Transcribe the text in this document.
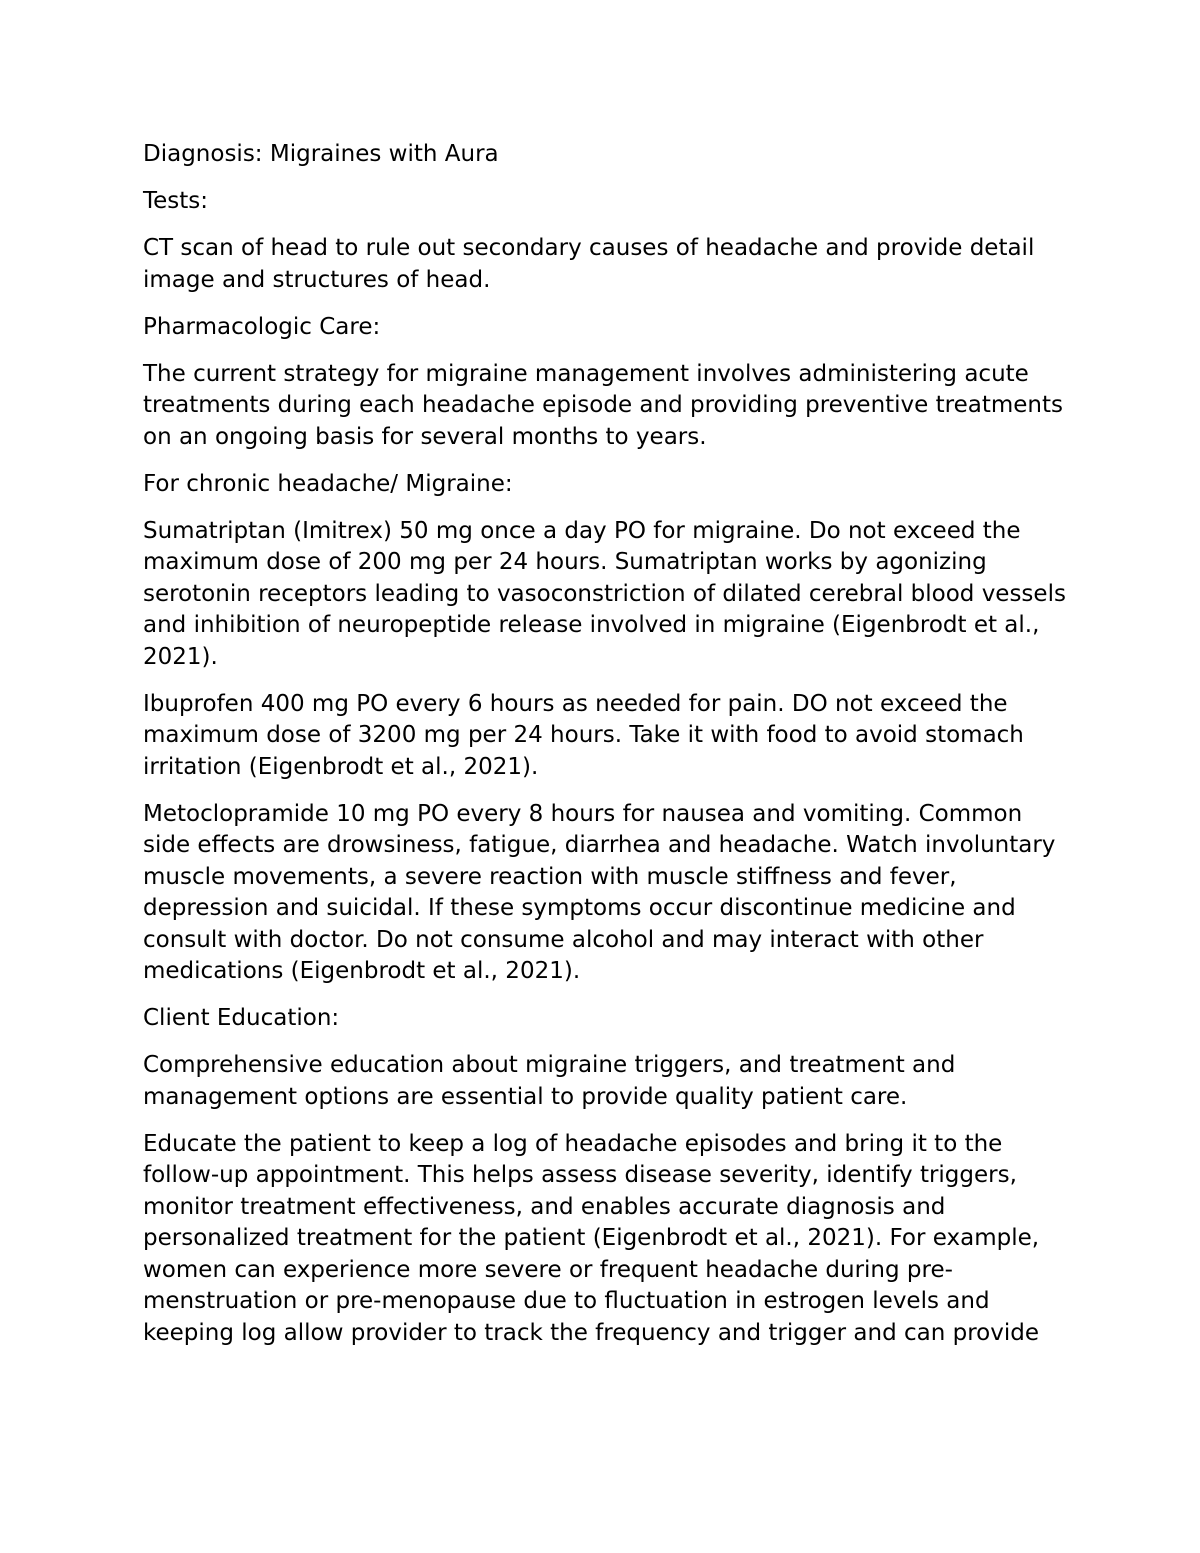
Diagnosis: Migraines with Aura

Tests:

CT scan of head to rule out secondary causes of headache and provide detail image and structures of head.

Pharmacologic Care:

The current strategy for migraine management involves administering acute treatments during each headache episode and providing preventive treatments on an ongoing basis for several months to years.

For chronic headache/ Migraine:

Sumatriptan (Imitrex) 50 mg once a day PO for migraine. Do not exceed the maximum dose of 200 mg per 24 hours. Sumatriptan works by agonizing serotonin receptors leading to vasoconstriction of dilated cerebral blood vessels and inhibition of neuropeptide release involved in migraine (Eigenbrodt et al., 2021).

Ibuprofen 400 mg PO every 6 hours as needed for pain. DO not exceed the maximum dose of 3200 mg per 24 hours. Take it with food to avoid stomach irritation (Eigenbrodt et al., 2021).

Metoclopramide 10 mg PO every 8 hours for nausea and vomiting. Common side effects are drowsiness, fatigue, diarrhea and headache. Watch involuntary muscle movements, a severe reaction with muscle stiffness and fever, depression and suicidal. If these symptoms occur discontinue medicine and consult with doctor. Do not consume alcohol and may interact with other medications (Eigenbrodt et al., 2021).

Client Education:

Comprehensive education about migraine triggers, and treatment and management options are essential to provide quality patient care.

Educate the patient to keep a log of headache episodes and bring it to the follow-up appointment. This helps assess disease severity, identify triggers, monitor treatment effectiveness, and enables accurate diagnosis and personalized treatment for the patient (Eigenbrodt et al., 2021). For example, women can experience more severe or frequent headache during pre-menstruation or pre-menopause due to fluctuation in estrogen levels and keeping log allow provider to track the frequency and trigger and can provide
